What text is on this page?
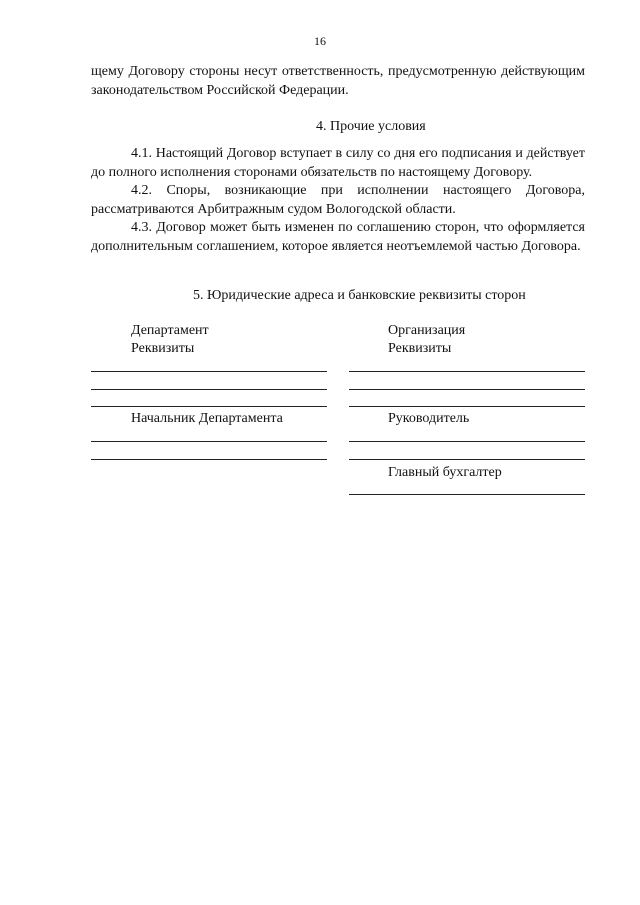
16
щему Договору стороны несут ответственность, предусмотренную действующим законодательством Российской Федерации.
4. Прочие условия
4.1. Настоящий Договор вступает в силу со дня его подписания и действует до полного исполнения сторонами обязательств по настоящему Договору.
4.2. Споры, возникающие при исполнении настоящего Договора, рассматриваются Арбитражным судом Вологодской области.
4.3. Договор может быть изменен по соглашению сторон, что оформляется дополнительным соглашением, которое является неотъемлемой частью Договора.
5. Юридические адреса и банковские реквизиты сторон
Департамент
Реквизиты
Начальник Департамента
Организация
Реквизиты
Руководитель
Главный бухгалтер
